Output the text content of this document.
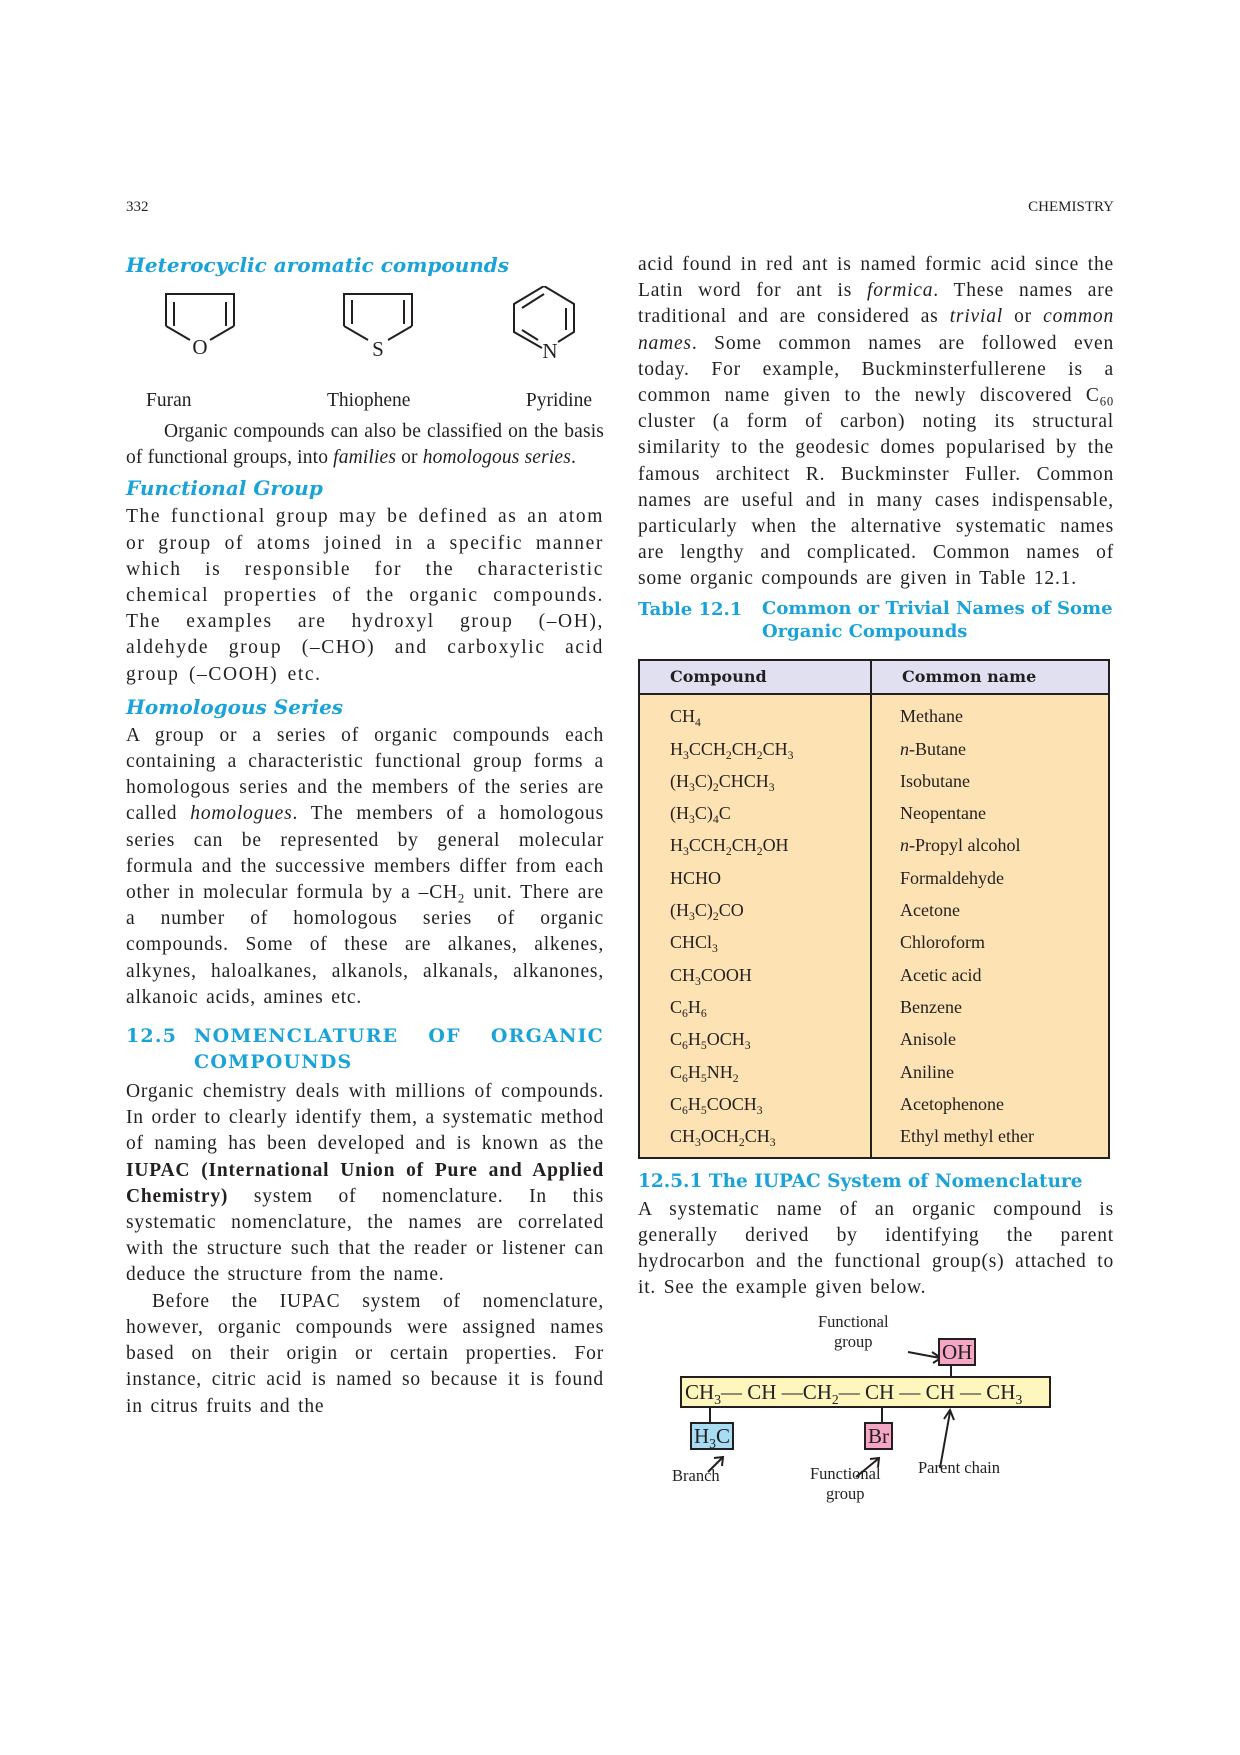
332	CHEMISTRY
Heterocyclic aromatic compounds
O	S	N
Furan	Thiophene	Pyridine

Organic compounds can also be classified on the basis of functional groups, into families or homologous series.

Functional Group

The functional group may be defined as an atom or group of atoms joined in a specific manner which is responsible for the characteristic chemical properties of the organic compounds. The examples are hydroxyl group (–OH), aldehyde group (–CHO) and carboxylic acid group (–COOH) etc.

Homologous Series

A group or a series of organic compounds each containing a characteristic functional group forms a homologous series and the members of the series are called homologues. The members of a homologous series can be represented by general molecular formula and the successive members differ from each other in molecular formula by a $-CH_2$ unit. There are a number of homologous series of organic compounds. Some of these are alkanes, alkenes, alkynes, haloalkanes, alkanols, alkanals, alkanones, alkanoic acids, amines etc.

12.5 NOMENCLATURE OF ORGANIC
COMPOUNDS

Organic chemistry deals with millions of compounds. In order to clearly identify them, a systematic method of naming has been developed and is known as the IUPAC (International Union of Pure and Applied Chemistry) system of nomenclature. In this systematic nomenclature, the names are correlated with the structure such that the reader or listener can deduce the structure from the name.

Before the IUPAC system of nomenclature, however, organic compounds were assigned names based on their origin or certain properties. For instance, citric acid is named so because it is found in citrus fruits and the

acid found in red ant is named formic acid since the Latin word for ant is formica. These names are traditional and are considered as trivial or common names. Some common names are followed even today. For example, Buckminsterfullerene is a common name given to the newly discovered $C_{60}$ cluster (a form of carbon) noting its structural similarity to the geodesic domes popularised by the famous architect R. Buckminster Fuller. Common names are useful and in many cases indispensable, particularly when the alternative systematic names are lengthy and complicated. Common names of some organic compounds are given in Table 12.1.

Table 12.1	Common or Trivial Names of Some
Organic Compounds
Compound	Common name
$CH_4$	Methane
$H_3CCH_2CH_2CH_3$	n-Butane
$(H_3C)_2CHCH_3$	Isobutane
$(H_3C)_4C$	Neopentane
$H_3CCH_2CH_2OH$	n-Propyl alcohol
HCHO	Formaldehyde
$(H_3C)_2CO$	Acetone
CHCl$_3$	Chloroform
$CH_3COOH$	Acetic acid
$C_6H_6$	Benzene
$C_6H_5OCH_3$	Anisole
$C_6H_5NH_2$	Aniline
$C_6H_5COCH_3$	Acetophenone
$CH_3OCH_2CH_3$	Ethyl methyl ether
12.5.1 The IUPAC System of Nomenclature

A systematic name of an organic compound is generally derived by identifying the parent hydrocarbon and the functional group(s) attached to it. See the example given below.

Functional
group	OH
$CH_3—$ CH $—CH_2—$ CH — CH — $CH_3$
$H_3C$	Br
Branch	Functional
group
Parent chain
